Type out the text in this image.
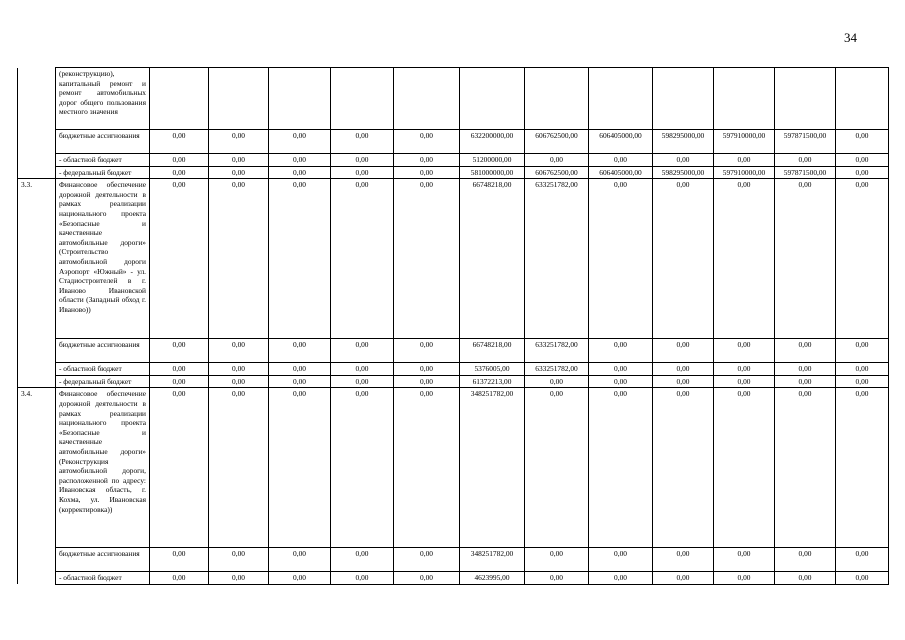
34
	(реконструкцию), капитальный ремонт и ремонт автомобильных дорог общего пользования местного значения												
	бюджетные ассигнования	0,00	0,00	0,00	0,00	0,00	632200000,00	606762500,00	606405000,00	598295000,00	597910000,00	597871500,00	0,00
	- областной бюджет	0,00	0,00	0,00	0,00	0,00	51200000,00	0,00	0,00	0,00	0,00	0,00	0,00
	- федеральный бюджет	0,00	0,00	0,00	0,00	0,00	581000000,00	606762500,00	606405000,00	598295000,00	597910000,00	597871500,00	0,00
3.3.	Финансовое обеспечение дорожной деятельности в рамках реализации национального проекта «Безопасные и качественные автомобильные дороги» (Строительство автомобильной дороги Аэропорт «Южный» - ул. Стадиостроителей в г. Иваново Ивановской области (Западный обход г. Иваново))	0,00	0,00	0,00	0,00	0,00	66748218,00	633251782,00	0,00	0,00	0,00	0,00	0,00
	бюджетные ассигнования	0,00	0,00	0,00	0,00	0,00	66748218,00	633251782,00	0,00	0,00	0,00	0,00	0,00
	- областной бюджет	0,00	0,00	0,00	0,00	0,00	5376005,00	633251782,00	0,00	0,00	0,00	0,00	0,00
	- федеральный бюджет	0,00	0,00	0,00	0,00	0,00	61372213,00	0,00	0,00	0,00	0,00	0,00	0,00
3.4.	Финансовое обеспечение дорожной деятельности в рамках реализации национального проекта «Безопасные и качественные автомобильные дороги» (Реконструкция автомобильной дороги, расположенной по адресу: Ивановская область, г. Кохма, ул. Ивановская (корректировка))	0,00	0,00	0,00	0,00	0,00	348251782,00	0,00	0,00	0,00	0,00	0,00	0,00
	бюджетные ассигнования	0,00	0,00	0,00	0,00	0,00	348251782,00	0,00	0,00	0,00	0,00	0,00	0,00
	- областной бюджет	0,00	0,00	0,00	0,00	0,00	4623995,00	0,00	0,00	0,00	0,00	0,00	0,00
